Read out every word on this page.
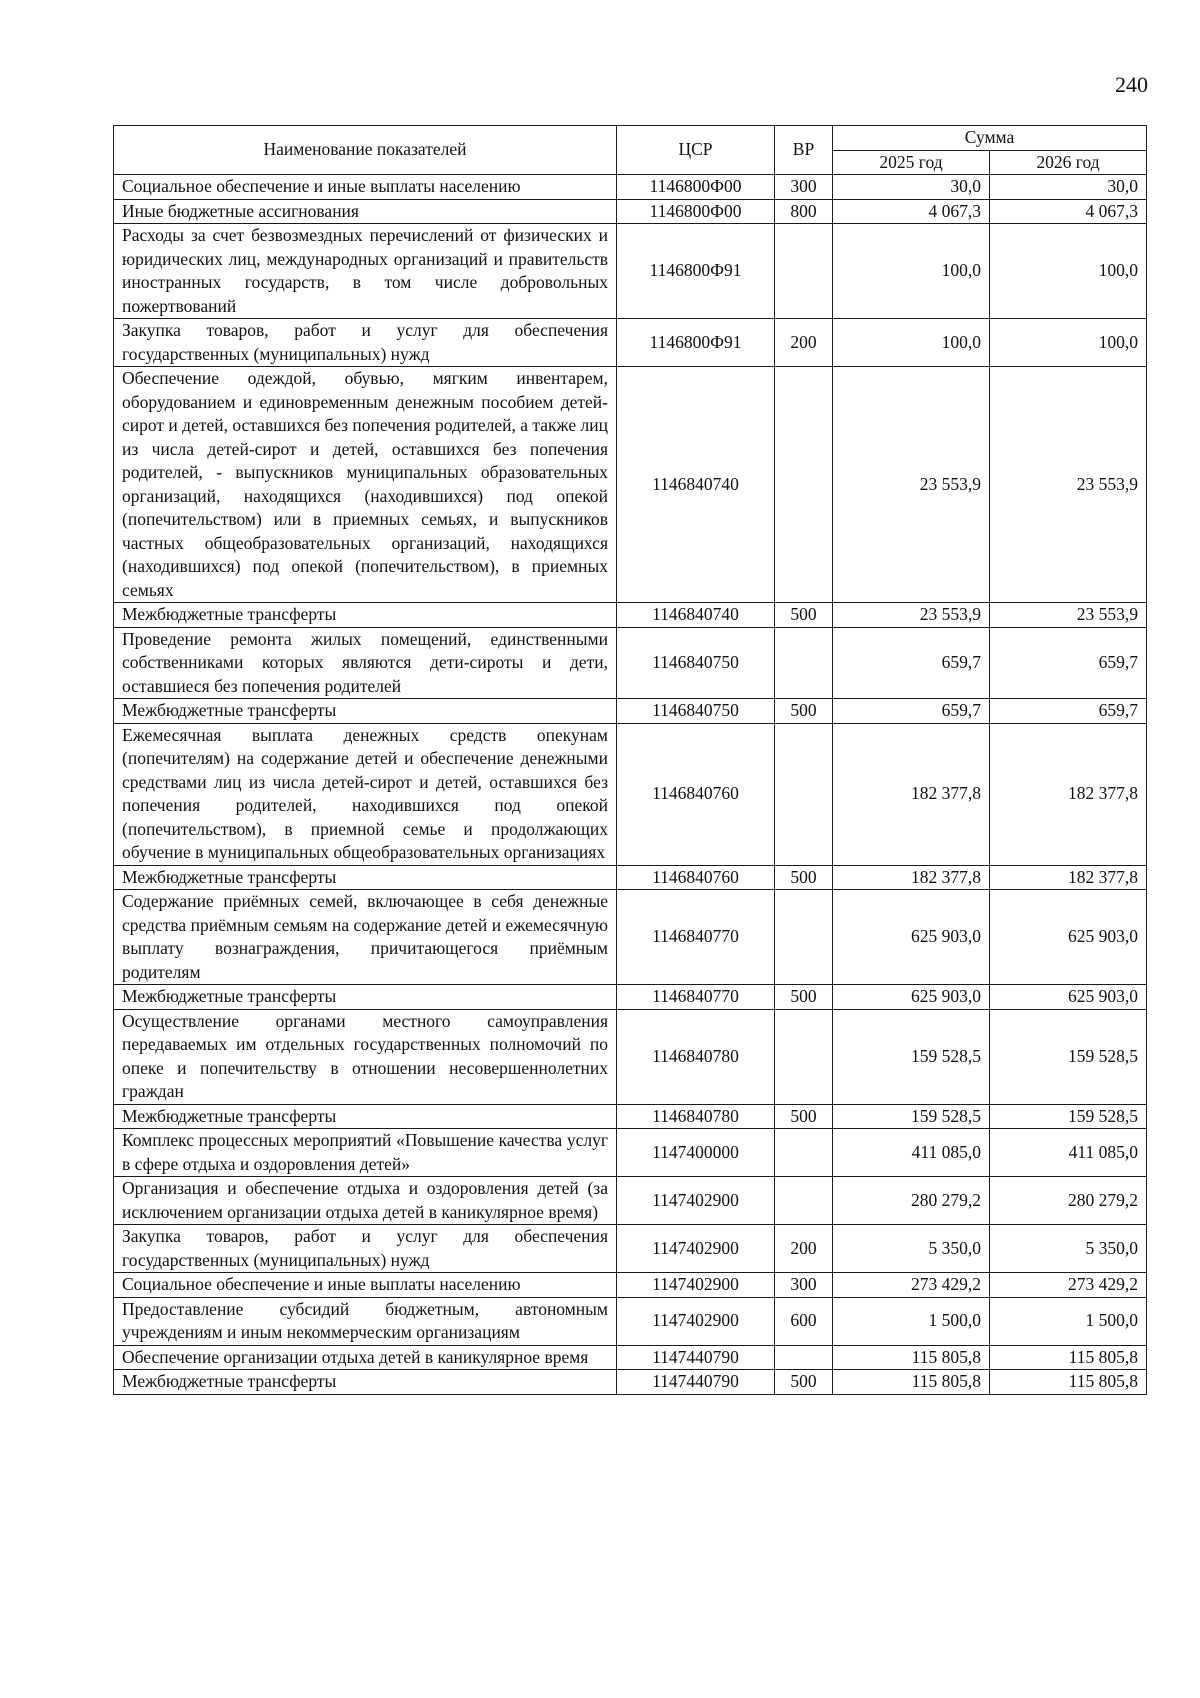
240
Наименование показателей	ЦСР	ВР	Сумма	
			2025 год	2026 год
Социальное обеспечение и иные выплаты населению	1146800Ф00	300	30,0	30,0
Иные бюджетные ассигнования	1146800Ф00	800	4 067,3	4 067,3
Расходы за счет безвозмездных перечислений от физических и юридических лиц, международных организаций и правительств иностранных государств, в том числе добровольных пожертвований	1146800Ф91		100,0	100,0
Закупка товаров, работ и услуг для обеспечения государственных (муниципальных) нужд	1146800Ф91	200	100,0	100,0
Обеспечение одеждой, обувью, мягким инвентарем, оборудованием и единовременным денежным пособием детей-сирот и детей, оставшихся без попечения родителей, а также лиц из числа детей-сирот и детей, оставшихся без попечения родителей, - выпускников муниципальных образовательных организаций, находящихся (находившихся) под опекой (попечительством) или в приемных семьях, и выпускников частных общеобразовательных организаций, находящихся (находившихся) под опекой (попечительством), в приемных семьях	1146840740		23 553,9	23 553,9
Межбюджетные трансферты	1146840740	500	23 553,9	23 553,9
Проведение ремонта жилых помещений, единственными собственниками которых являются дети-сироты и дети, оставшиеся без попечения родителей	1146840750		659,7	659,7
Межбюджетные трансферты	1146840750	500	659,7	659,7
Ежемесячная выплата денежных средств опекунам (попечителям) на содержание детей и обеспечение денежными средствами лиц из числа детей-сирот и детей, оставшихся без попечения родителей, находившихся под опекой (попечительством), в приемной семье и продолжающих обучение в муниципальных общеобразовательных организациях	1146840760		182 377,8	182 377,8
Межбюджетные трансферты	1146840760	500	182 377,8	182 377,8
Содержание приёмных семей, включающее в себя денежные средства приёмным семьям на содержание детей и ежемесячную выплату вознаграждения, причитающегося приёмным родителям	1146840770		625 903,0	625 903,0
Межбюджетные трансферты	1146840770	500	625 903,0	625 903,0
Осуществление органами местного самоуправления передаваемых им отдельных государственных полномочий по опеке и попечительству в отношении несовершеннолетних граждан	1146840780		159 528,5	159 528,5
Межбюджетные трансферты	1146840780	500	159 528,5	159 528,5
Комплекс процессных мероприятий «Повышение качества услуг в сфере отдыха и оздоровления детей»	1147400000		411 085,0	411 085,0
Организация и обеспечение отдыха и оздоровления детей (за исключением организации отдыха детей в каникулярное время)	1147402900		280 279,2	280 279,2
Закупка товаров, работ и услуг для обеспечения государственных (муниципальных) нужд	1147402900	200	5 350,0	5 350,0
Социальное обеспечение и иные выплаты населению	1147402900	300	273 429,2	273 429,2
Предоставление субсидий бюджетным, автономным учреждениям и иным некоммерческим организациям	1147402900	600	1 500,0	1 500,0
Обеспечение организации отдыха детей в каникулярное время	1147440790		115 805,8	115 805,8
Межбюджетные трансферты	1147440790	500	115 805,8	115 805,8
